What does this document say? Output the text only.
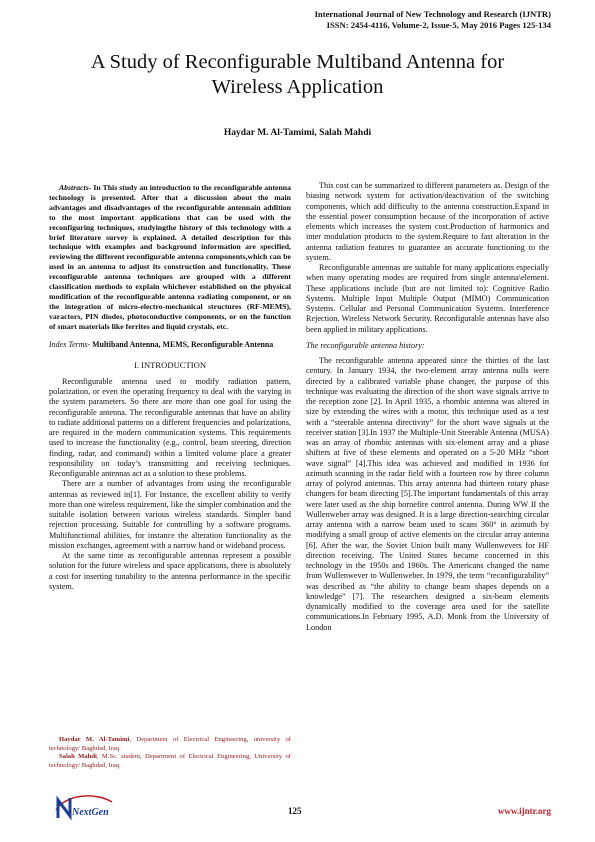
International Journal of New Technology and Research (IJNTR)
ISSN: 2454-4116, Volume-2, Issue-5, May 2016 Pages 125-134
A Study of Reconfigurable Multiband Antenna for
Wireless Application
Haydar M. Al-Tamimi, Salah Mahdi

Abstracts- In This study an introduction to the reconfigurable antenna technology is presented. After that a discussion about the main advantages and disadvantages of the reconfigurable antennain addition to the most important applications that can be used with the reconfiguring techniques, studyingthe history of this technology with a brief literature survey is explained. A detailed description for this technique with examples and background information are specified, reviewing the different reconfigurable antenna components,which can be used in an antenna to adjust its construction and functionality. These reconfigurable antenna techniques are grouped with a different classification methods to explain whichever established on the physical modification of the reconfigurable antenna radiating component, or on the integration of micro-electro-mechanical structures (RF-MEMS), varactors, PIN diodes, photoconductive components, or on the function of smart materials like ferrites and liquid crystals, etc.

Index Terms- Multiband Antenna, MEMS, Reconfigurable Antenna

I. INTRODUCTION

Reconfigurable antenna used to modify radiation pattern, polarization, or even the operating frequency to deal with the varying in the system parameters. So there are more than one goal for using the reconfigurable antenna. The reconfigurable antennas that have an ability to radiate additional patterns on a different frequencies and polarizations, are required in the modern communication systems. This requirements used to increase the functionality (e.g., control, beam steering, direction finding, radar, and command) within a limited volume place a greater responsibility on today’s transmitting and receiving techniques. Reconfigurable antennas act as a solution to these problems.

There are a number of advantages from using the reconfigurable antennas as reviewed in[1]. For Instance, the excellent ability to verify more than one wireless requirement, like the simpler combination and the suitable isolation between various wireless standards. Simpler band rejection processing. Suitable for controlling by a software programs. Multifunctional abilities, for instance the alteration functionality as the mission exchanges, agreement with a narrow band or wideband process.

At the same time as reconfigurable antennas represent a possible solution for the future wireless and space applications, there is absolutely a cost for inserting tunability to the antenna performance in the specific system.

This cost can be summarized to different parameters as. Design of the biasing network system for activation/deactivation of the switching components, which add difficulty to the antenna construction.Expand in the essential power consumption because of the incorporation of active elements which increases the system cost.Production of harmonics and inter modulation products to the system.Require to fast alteration in the antenna radiation features to guarantee an accurate functioning to the system.

Reconfigurable antennas are suitable for many applications especially when many operating modes are required from single antenna\element. These applications include (but are not limited to): Cognitive Radio Systems. Multiple Input Multiple Output (MIMO) Communication Systems. Cellular and Personal Communication Systems. Interference Rejection. Wireless Network Security. Reconfigurable antennas have also been applied in military applications.

The reconfigurable antenna history:

The reconfigurable antenna appeared since the thirties of the last century. In January 1934, the two-element array antenna nulls were directed by a calibrated variable phase changer, the purpose of this technique was evaluating the direction of the short wave signals arrive to the reception zone [2]. In April 1935, a rhombic antenna was altered in size by extending the wires with a motor, this technique used as a test with a “steerable antenna directivity” for the short wave signals at the receiver station [3].In 1937 the Multiple-Unit Steerable Antenna (MUSA) was an array of rhombic antennas with six-element array and a phase shifters at five of these elements and operated on a 5-20 MHz “short wave signal” [4].This idea was achieved and modified in 1936 for azimuth scanning in the radar field with a fourteen row by three column array of polyrod antennas. This array antenna had thirteen rotary phase changers for beam directing [5].The important fundamentals of this array were later used as the ship bornefire control antenna. During WW II the Wullenweber array was designed. It is a large direction-searching circular array antenna with a narrow beam used to scans 360° in azimuth by modifying a small group of active elements on the circular array antenna [6]. After the war, the Soviet Union built many Wullenwevers for HF direction receiving. The United States became concerned in this technology in the 1950s and 1960s. The Americans changed the name from Wullenwever to Wullenweber. In 1979, the term “reconfigurability” was described as “the ability to change beam shapes depends on a knowledge” [7]. The researchers designed a six-beam elements dynamically modified to the coverage area used for the satellite communications.In February 1995, A.D. Monk from the University of London

Haydar M. Al-Tamimi, Department of Electrical Engineering, university of technology/ Baghdad, Iraq.

Salah Mahdi, M.Sc. student, Department of Electrical Engineering, University of technology/ Baghdad, Iraq.

NextGen	125	www.ijntr.org
